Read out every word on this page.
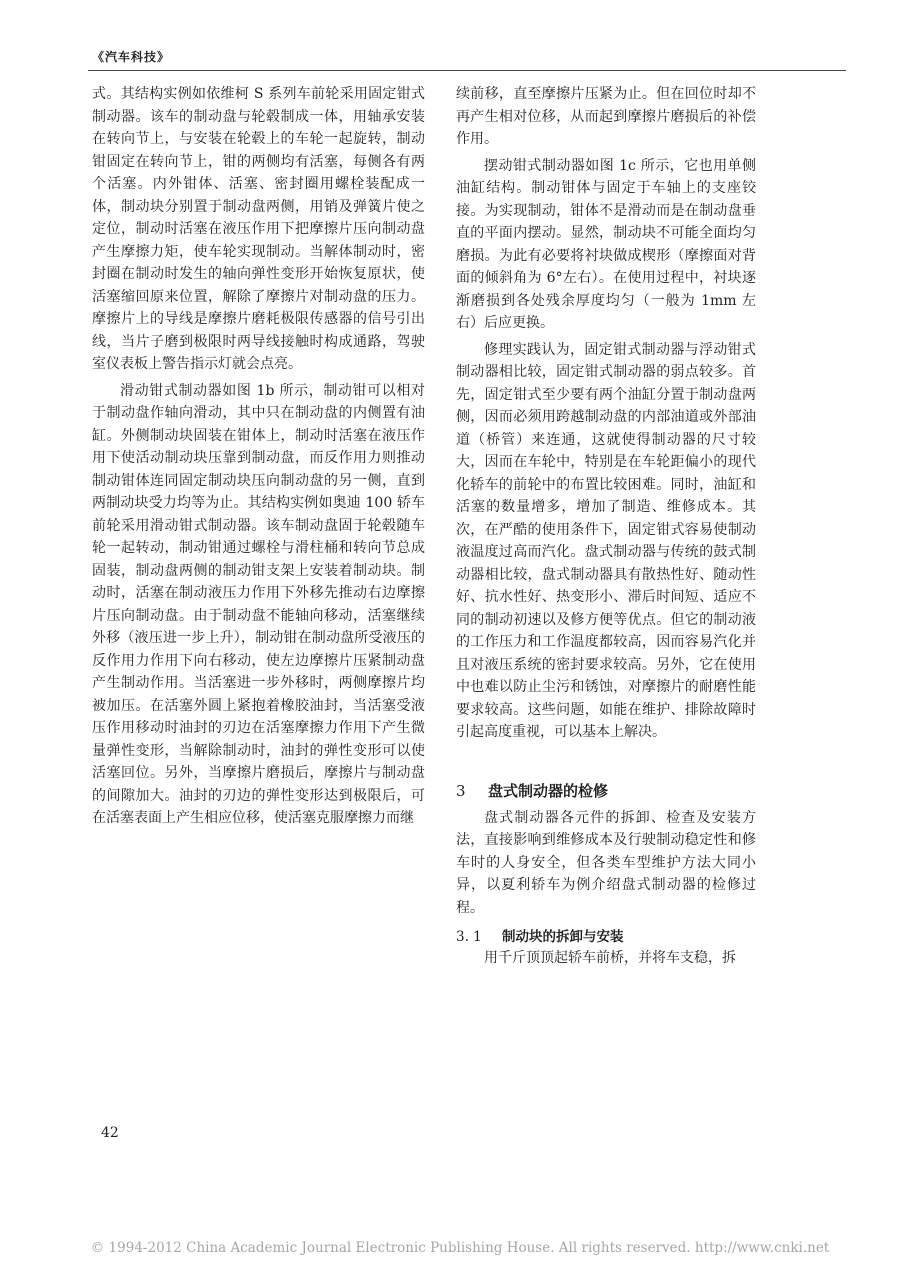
《汽车科技》

式。其结构实例如依维柯 S 系列车前轮采用固定钳式制动器。该车的制动盘与轮毂制成一体，用轴承安装在转向节上，与安装在轮毂上的车轮一起旋转，制动钳固定在转向节上，钳的两侧均有活塞，每侧各有两个活塞。内外钳体、活塞、密封圈用螺栓装配成一体，制动块分别置于制动盘两侧，用销及弹簧片使之定位，制动时活塞在液压作用下把摩擦片压向制动盘产生摩擦力矩，使车轮实现制动。当解体制动时，密封圈在制动时发生的轴向弹性变形开始恢复原状，使活塞缩回原来位置，解除了摩擦片对制动盘的压力。摩擦片上的导线是摩擦片磨耗极限传感器的信号引出线，当片子磨到极限时两导线接触时构成通路，驾驶室仪表板上警告指示灯就会点亮。

滑动钳式制动器如图 1b 所示，制动钳可以相对于制动盘作轴向滑动，其中只在制动盘的内侧置有油缸。外侧制动块固装在钳体上，制动时活塞在液压作用下使活动制动块压靠到制动盘，而反作用力则推动制动钳体连同固定制动块压向制动盘的另一侧，直到两制动块受力均等为止。其结构实例如奥迪 100 轿车前轮采用滑动钳式制动器。该车制动盘固于轮毂随车轮一起转动，制动钳通过螺栓与滑柱桶和转向节总成固装，制动盘两侧的制动钳支架上安装着制动块。制动时，活塞在制动液压力作用下外移先推动右边摩擦片压向制动盘。由于制动盘不能轴向移动，活塞继续外移（液压进一步上升），制动钳在制动盘所受液压的反作用力作用下向右移动，使左边摩擦片压紧制动盘产生制动作用。当活塞进一步外移时，两侧摩擦片均被加压。在活塞外圆上紧抱着橡胶油封，当活塞受液压作用移动时油封的刃边在活塞摩擦力作用下产生微量弹性变形，当解除制动时，油封的弹性变形可以使活塞回位。另外，当摩擦片磨损后，摩擦片与制动盘的间隙加大。油封的刃边的弹性变形达到极限后，可在活塞表面上产生相应位移，使活塞克服摩擦力而继

续前移，直至摩擦片压紧为止。但在回位时却不再产生相对位移，从而起到摩擦片磨损后的补偿作用。

摆动钳式制动器如图 1c 所示，它也用单侧油缸结构。制动钳体与固定于车轴上的支座铰接。为实现制动，钳体不是滑动而是在制动盘垂直的平面内摆动。显然，制动块不可能全面均匀磨损。为此有必要将衬块做成楔形（摩擦面对背面的倾斜角为 6°左右）。在使用过程中，衬块逐渐磨损到各处残余厚度均匀（一般为 1mm 左右）后应更换。

修理实践认为，固定钳式制动器与浮动钳式制动器相比较，固定钳式制动器的弱点较多。首先，固定钳式至少要有两个油缸分置于制动盘两侧，因而必须用跨越制动盘的内部油道或外部油道（桥管）来连通，这就使得制动器的尺寸较大，因而在车轮中，特别是在车轮距偏小的现代化轿车的前轮中的布置比较困难。同时，油缸和活塞的数量增多，增加了制造、维修成本。其次，在严酷的使用条件下，固定钳式容易使制动液温度过高而汽化。盘式制动器与传统的鼓式制动器相比较，盘式制动器具有散热性好、随动性好、抗水性好、热变形小、滞后时间短、适应不同的制动初速以及修方便等优点。但它的制动液的工作压力和工作温度都较高，因而容易汽化并且对液压系统的密封要求较高。另外，它在使用中也难以防止尘污和锈蚀，对摩擦片的耐磨性能要求较高。这些问题，如能在维护、排除故障时引起高度重视，可以基本上解决。

3 盘式制动器的检修

盘式制动器各元件的拆卸、检查及安装方法，直接影响到维修成本及行驶制动稳定性和修车时的人身安全，但各类车型维护方法大同小异，以夏利轿车为例介绍盘式制动器的检修过程。

3. 1 制动块的拆卸与安装

用千斤顶顶起轿车前桥，并将车支稳，拆

42
© 1994-2012 China Academic Journal Electronic Publishing House. All rights reserved. http://www.cnki.net
